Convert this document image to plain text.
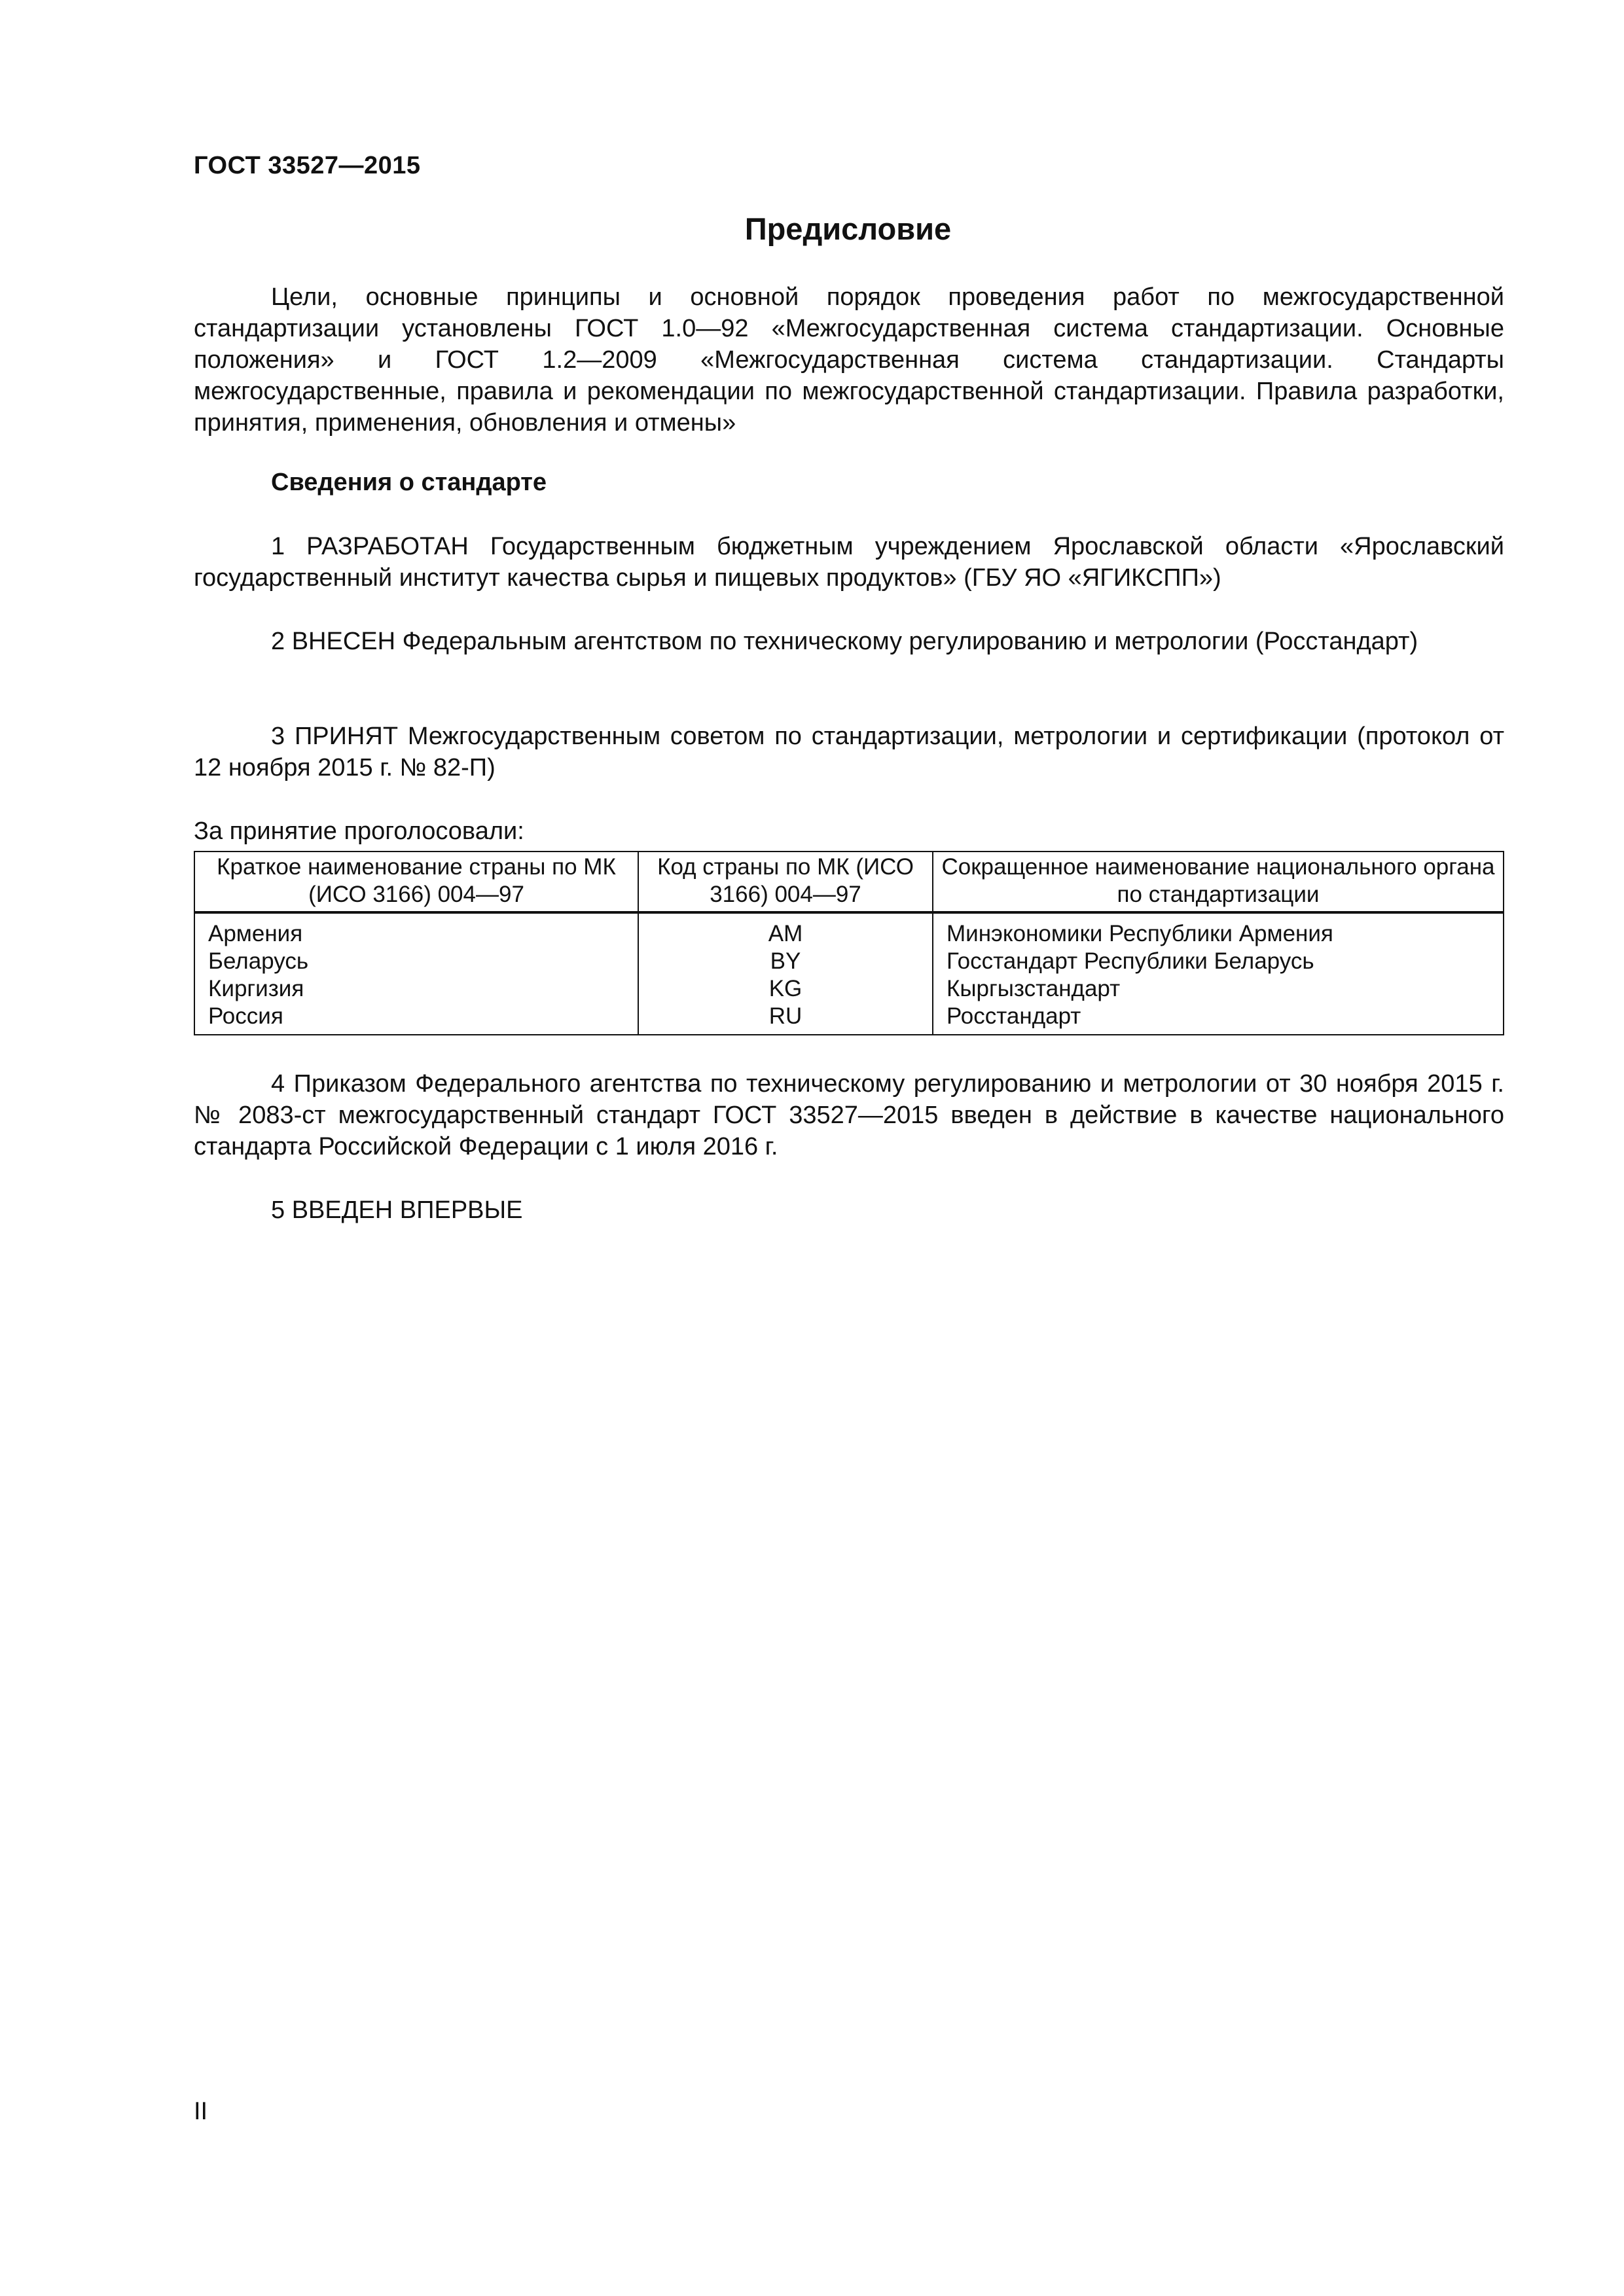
ГОСТ 33527—2015
Предисловие

Цели, основные принципы и основной порядок проведения работ по межгосударственной стандартизации установлены ГОСТ 1.0—92 «Межгосударственная система стандартизации. Основные положения» и ГОСТ 1.2—2009 «Межгосударственная система стандартизации. Стандарты межгосударственные, правила и рекомендации по межгосударственной стандартизации. Правила разработки, принятия, применения, обновления и отмены»

Сведения о стандарте

1 РАЗРАБОТАН Государственным бюджетным учреждением Ярославской области «Ярославский государственный институт качества сырья и пищевых продуктов» (ГБУ ЯО «ЯГИКСПП»)

2 ВНЕСЕН Федеральным агентством по техническому регулированию и метрологии (Росстандарт)

3 ПРИНЯТ Межгосударственным советом по стандартизации, метрологии и сертификации (протокол от 12 ноября 2015 г. № 82-П)

За принятие проголосовали:

Краткое наименование страны по МК (ИСО 3166) 004—97	Код страны по МК (ИСО 3166) 004—97	Сокращенное наименование национального органа по стандартизации
Армения	AM	Минэкономики Республики Армения
Беларусь	BY	Госстандарт Республики Беларусь
Киргизия	KG	Кыргызстандарт
Россия	RU	Росстандарт

4 Приказом Федерального агентства по техническому регулированию и метрологии от 30 ноября 2015 г. № 2083-ст межгосударственный стандарт ГОСТ 33527—2015 введен в действие в качестве национального стандарта Российской Федерации с 1 июля 2016 г.

5 ВВЕДЕН ВПЕРВЫЕ

II
